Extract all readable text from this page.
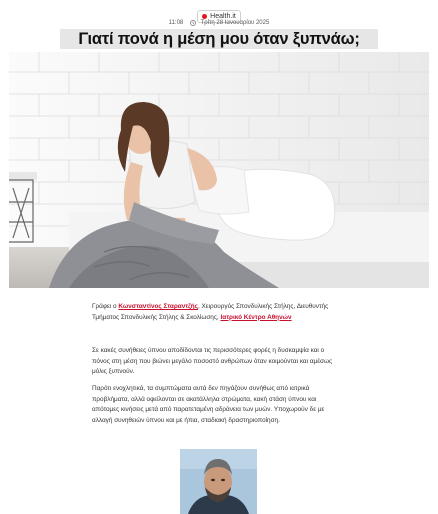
Health.it
11:08	Τρίτη 28 Ιανουαρίου 2025
Γιατί πονά η μέση μου όταν ξυπνάω;

Γράφει ο Κωνσταντίνος Σταραντζής, Χειρουργός Σπονδυλικής Στήλης, Διευθυντής Τμήματος Σπονδυλικής Στήλης & Σκολίωσης, Ιατρικό Κέντρο Αθηνών

Σε κακές συνήθειες ύπνου αποδίδονται τις περισσότερες φορές η δυσκαμψία και ο πόνος στη μέση που βιώνει μεγάλο ποσοστό ανθρώπων όταν κοιμούνται και αμέσως μόλις ξυπνούν.

Παρότι ενοχλητικά, τα συμπτώματα αυτά δεν πηγάζουν συνήθως από ιατρικά προβλήματα, αλλά οφείλονται σε ακατάλληλα στρώματα, κακή στάση ύπνου και απότομες κινήσεις μετά από παρατεταμένη αδράνεια των μυών. Υποχωρούν δε με αλλαγή συνηθειών ύπνου και με ήπια, σταδιακή δραστηριοποίηση.
